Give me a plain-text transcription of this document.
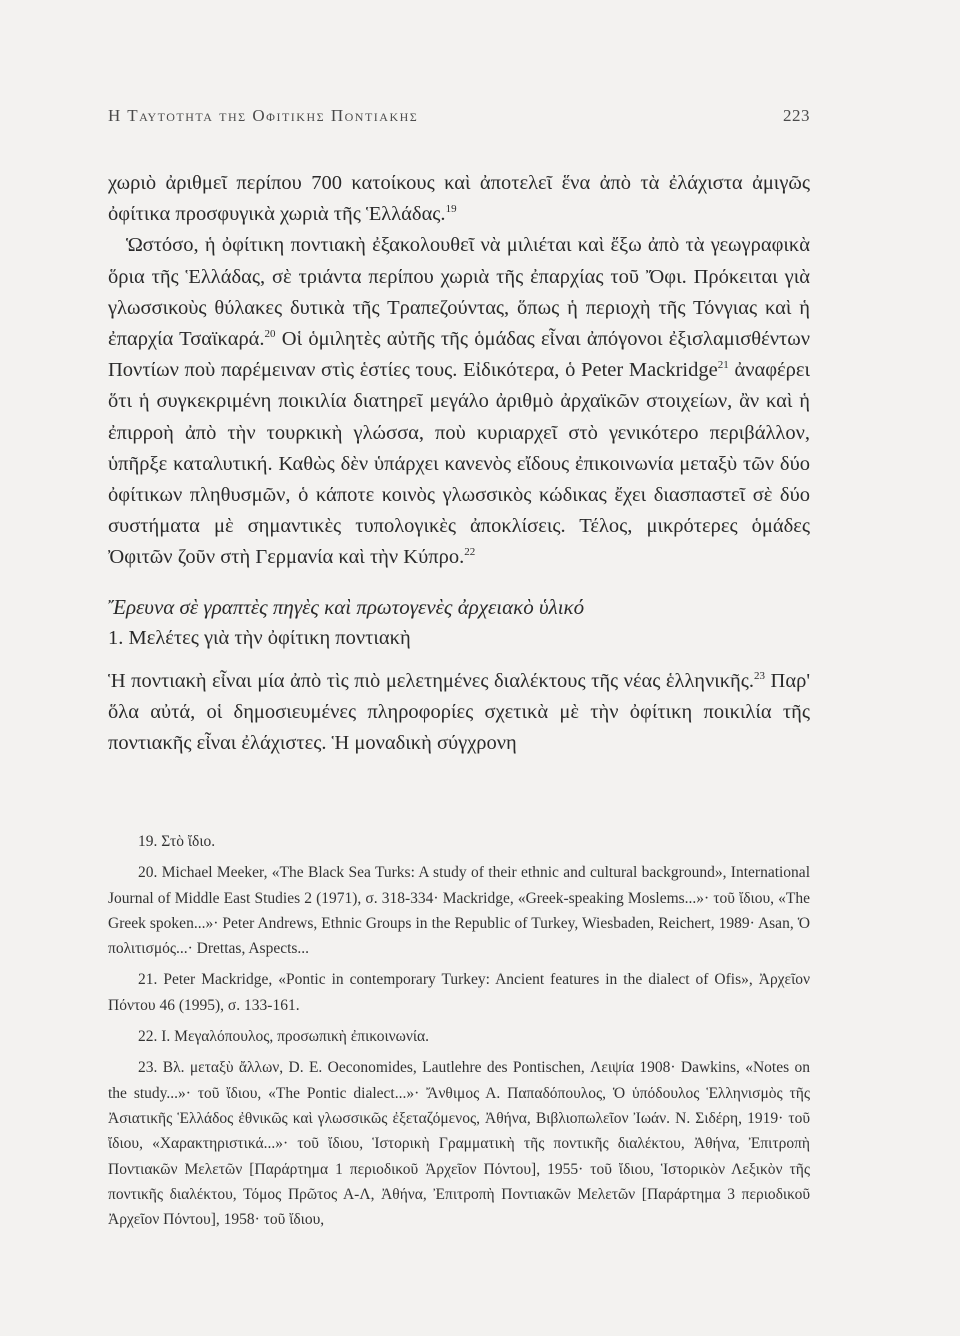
Η Ταυτοτητα της Οφιτικης Ποντιακης	223

χωριὸ ἀριθμεῖ περίπου 700 κατοίκους καὶ ἀποτελεῖ ἕνα ἀπὸ τὰ ἐλάχιστα ἀμιγῶς ὀφίτικα προσφυγικὰ χωριὰ τῆς Ἑλλάδας.$^{19}$

Ὡστόσο, ἡ ὀφίτικη ποντιακὴ ἐξακολουθεῖ νὰ μιλιέται καὶ ἔξω ἀπὸ τὰ γεωγραφικὰ ὅρια τῆς Ἑλλάδας, σὲ τριάντα περίπου χωριὰ τῆς ἐπαρχίας τοῦ Ὄφι. Πρόκειται γιὰ γλωσσικοὺς θύλακες δυτικὰ τῆς Τραπεζούντας, ὅπως ἡ περιοχὴ τῆς Τόνγιας καὶ ἡ ἐπαρχία Τσαϊκαρά.$^{20}$ Οἱ ὁμιλητὲς αὐτῆς τῆς ὁμάδας εἶναι ἀπόγονοι ἐξισλαμισθέντων Ποντίων ποὺ παρέμειναν στὶς ἑστίες τους. Εἰδικότερα, ὁ Peter Mackridge$^{21}$ ἀναφέρει ὅτι ἡ συγκεκριμένη ποικιλία διατηρεῖ μεγάλο ἀριθμὸ ἀρχαϊκῶν στοιχείων, ἂν καὶ ἡ ἐπιρροὴ ἀπὸ τὴν τουρκικὴ γλώσσα, ποὺ κυριαρχεῖ στὸ γενικότερο περιβάλλον, ὑπῆρξε καταλυτική. Καθὼς δὲν ὑπάρχει κανενὸς εἴδους ἐπικοινωνία μεταξὺ τῶν δύο ὀφίτικων πληθυσμῶν, ὁ κάποτε κοινὸς γλωσσικὸς κώδικας ἔχει διασπαστεῖ σὲ δύο συστήματα μὲ σημαντικὲς τυπολογικὲς ἀποκλίσεις. Τέλος, μικρότερες ὁμάδες Ὀφιτῶν ζοῦν στὴ Γερμανία καὶ τὴν Κύπρο.$^{22}$

Ἔρευνα σὲ γραπτὲς πηγὲς καὶ πρωτογενὲς ἀρχειακὸ ὑλικό
1. Μελέτες γιὰ τὴν ὀφίτικη ποντιακὴ

Ἡ ποντιακὴ εἶναι μία ἀπὸ τὶς πιὸ μελετημένες διαλέκτους τῆς νέας ἑλληνικῆς.$^{23}$ Παρ' ὅλα αὐτά, οἱ δημοσιευμένες πληροφορίες σχετικὰ μὲ τὴν ὀφίτικη ποικιλία τῆς ποντιακῆς εἶναι ἐλάχιστες. Ἡ μοναδικὴ σύγχρονη

19. Στὸ ἴδιο.

20. Michael Meeker, «The Black Sea Turks: A study of their ethnic and cultural background», International Journal of Middle East Studies 2 (1971), σ. 318-334· Mackridge, «Greek-speaking Moslems...»· τοῦ ἴδιου, «The Greek spoken...»· Peter Andrews, Ethnic Groups in the Republic of Turkey, Wiesbaden, Reichert, 1989· Asan, Ὁ πολιτισμός...· Drettas, Aspects...

21. Peter Mackridge, «Pontic in contemporary Turkey: Ancient features in the dialect of Ofis», Ἀρχεῖον Πόντου 46 (1995), σ. 133-161.

22. Ι. Μεγαλόπουλος, προσωπικὴ ἐπικοινωνία.

23. Βλ. μεταξὺ ἄλλων, D. E. Oeconomides, Lautlehre des Pontischen, Λειψία 1908· Dawkins, «Notes on the study...»· τοῦ ἴδιου, «The Pontic dialect...»· Ἄνθιμος Α. Παπαδόπουλος, Ὁ ὑπόδουλος Ἑλληνισμὸς τῆς Ἀσιατικῆς Ἑλλάδος ἐθνικῶς καὶ γλωσσικῶς ἐξεταζόμενος, Ἀθήνα, Βιβλιοπωλεῖον Ἰωάν. Ν. Σιδέρη, 1919· τοῦ ἴδιου, «Χαρακτηριστικά...»· τοῦ ἴδιου, Ἱστορικὴ Γραμματικὴ τῆς ποντικῆς διαλέκτου, Ἀθήνα, Ἐπιτροπὴ Ποντιακῶν Μελετῶν [Παράρτημα 1 περιοδικοῦ Ἀρχεῖον Πόντου], 1955· τοῦ ἴδιου, Ἱστορικὸν Λεξικὸν τῆς ποντικῆς διαλέκτου, Τόμος Πρῶτος Α-Λ, Ἀθήνα, Ἐπιτροπὴ Ποντιακῶν Μελετῶν [Παράρτημα 3 περιοδικοῦ Ἀρχεῖον Πόντου], 1958· τοῦ ἴδιου,
